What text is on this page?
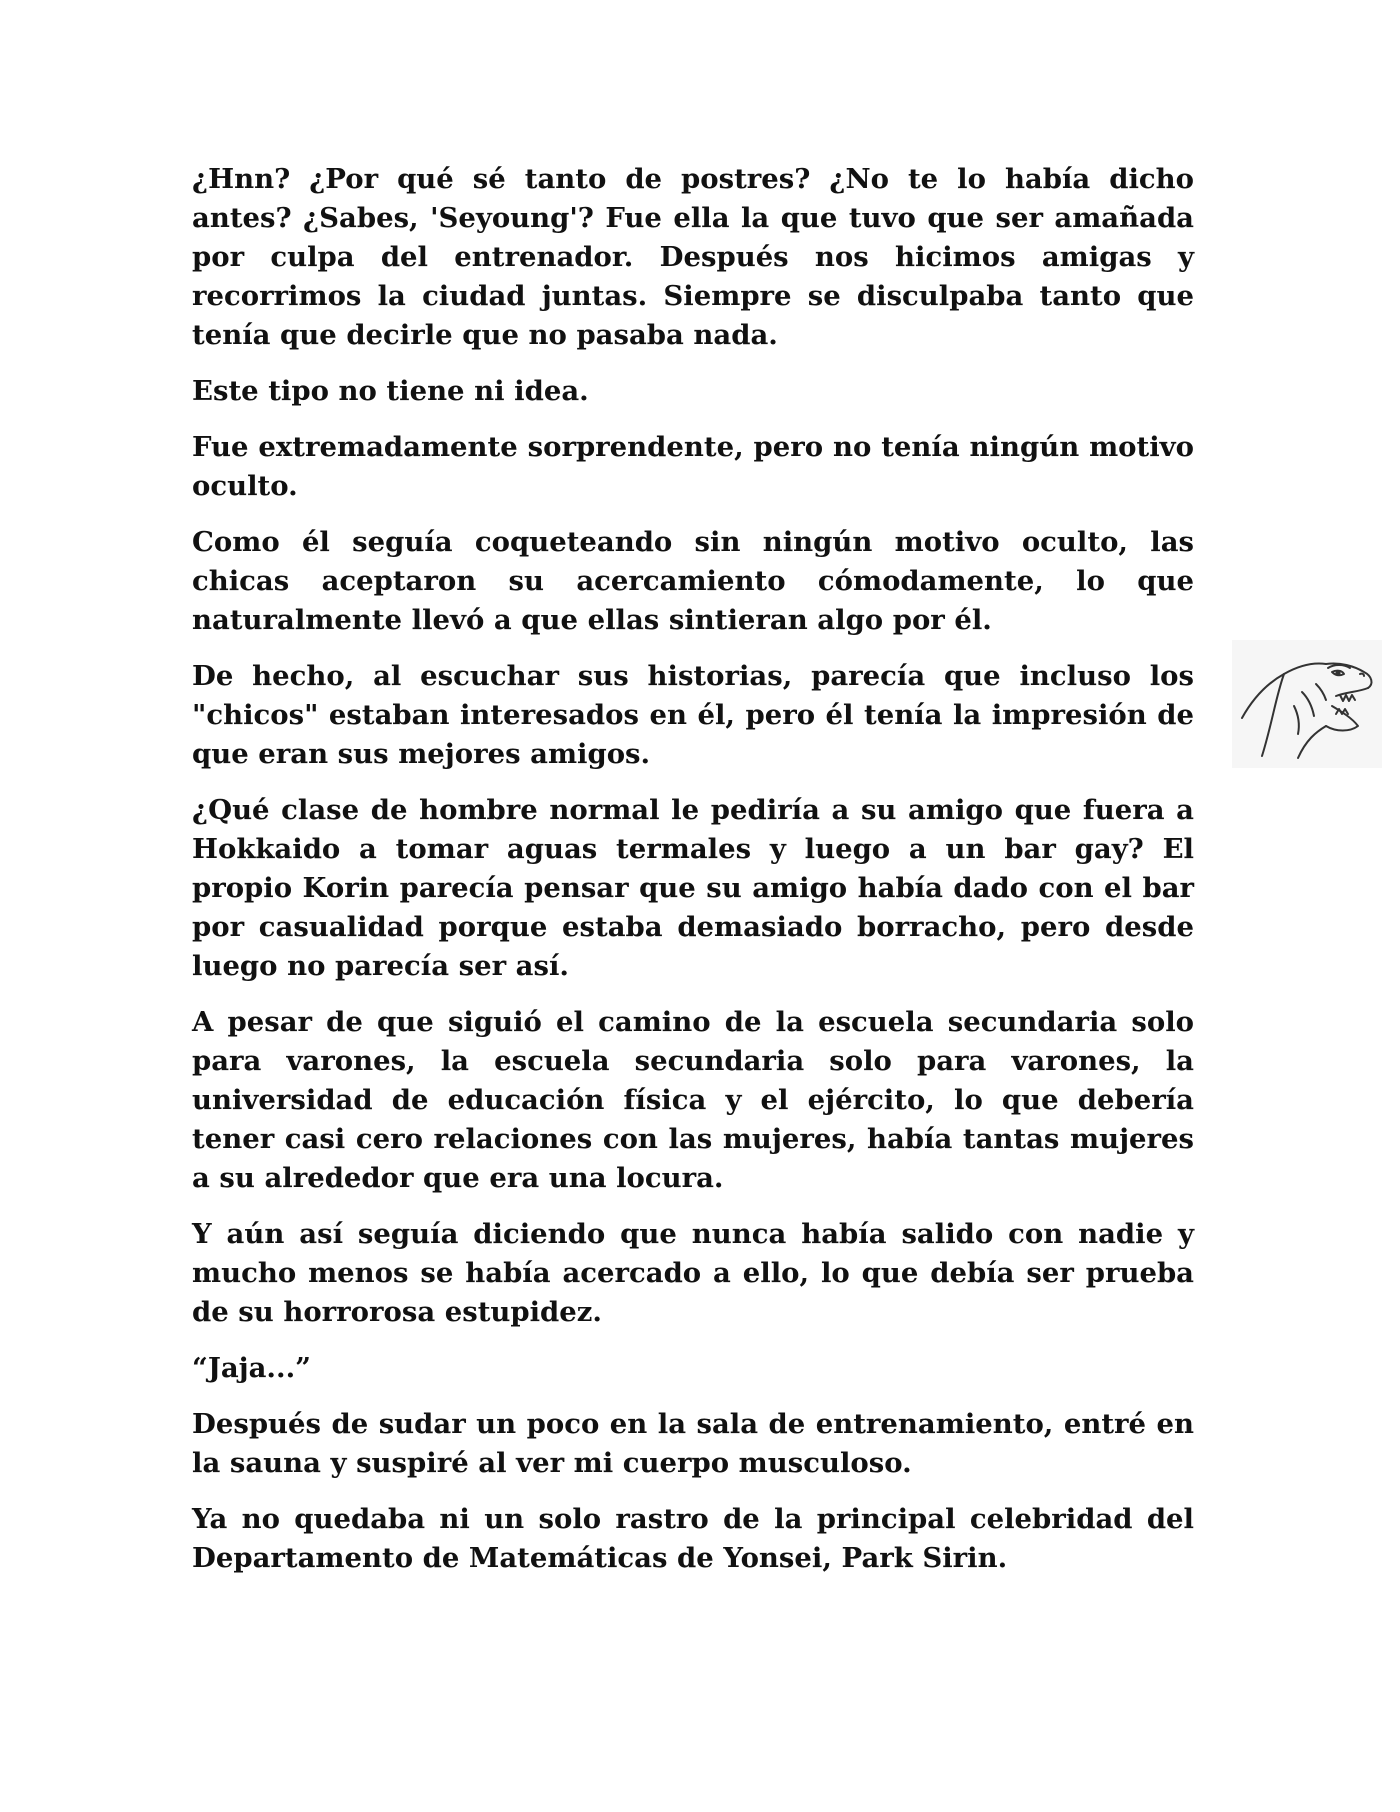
¿Hnn? ¿Por qué sé tanto de postres? ¿No te lo había dicho antes? ¿Sabes, 'Seyoung'? Fue ella la que tuvo que ser amañada por culpa del entrenador. Después nos hicimos amigas y recorrimos la ciudad juntas. Siempre se disculpaba tanto que tenía que decirle que no pasaba nada.

Este tipo no tiene ni idea.

Fue extremadamente sorprendente, pero no tenía ningún motivo oculto.

Como él seguía coqueteando sin ningún motivo oculto, las chicas aceptaron su acercamiento cómodamente, lo que naturalmente llevó a que ellas sintieran algo por él.

De hecho, al escuchar sus historias, parecía que incluso los "chicos" estaban interesados en él, pero él tenía la impresión de que eran sus mejores amigos.

¿Qué clase de hombre normal le pediría a su amigo que fuera a Hokkaido a tomar aguas termales y luego a un bar gay? El propio Korin parecía pensar que su amigo había dado con el bar por casualidad porque estaba demasiado borracho, pero desde luego no parecía ser así.

A pesar de que siguió el camino de la escuela secundaria solo para varones, la escuela secundaria solo para varones, la universidad de educación física y el ejército, lo que debería tener casi cero relaciones con las mujeres, había tantas mujeres a su alrededor que era una locura.

Y aún así seguía diciendo que nunca había salido con nadie y mucho menos se había acercado a ello, lo que debía ser prueba de su horrorosa estupidez.

“Jaja...”

Después de sudar un poco en la sala de entrenamiento, entré en la sauna y suspiré al ver mi cuerpo musculoso.

Ya no quedaba ni un solo rastro de la principal celebridad del Departamento de Matemáticas de Yonsei, Park Sirin.
